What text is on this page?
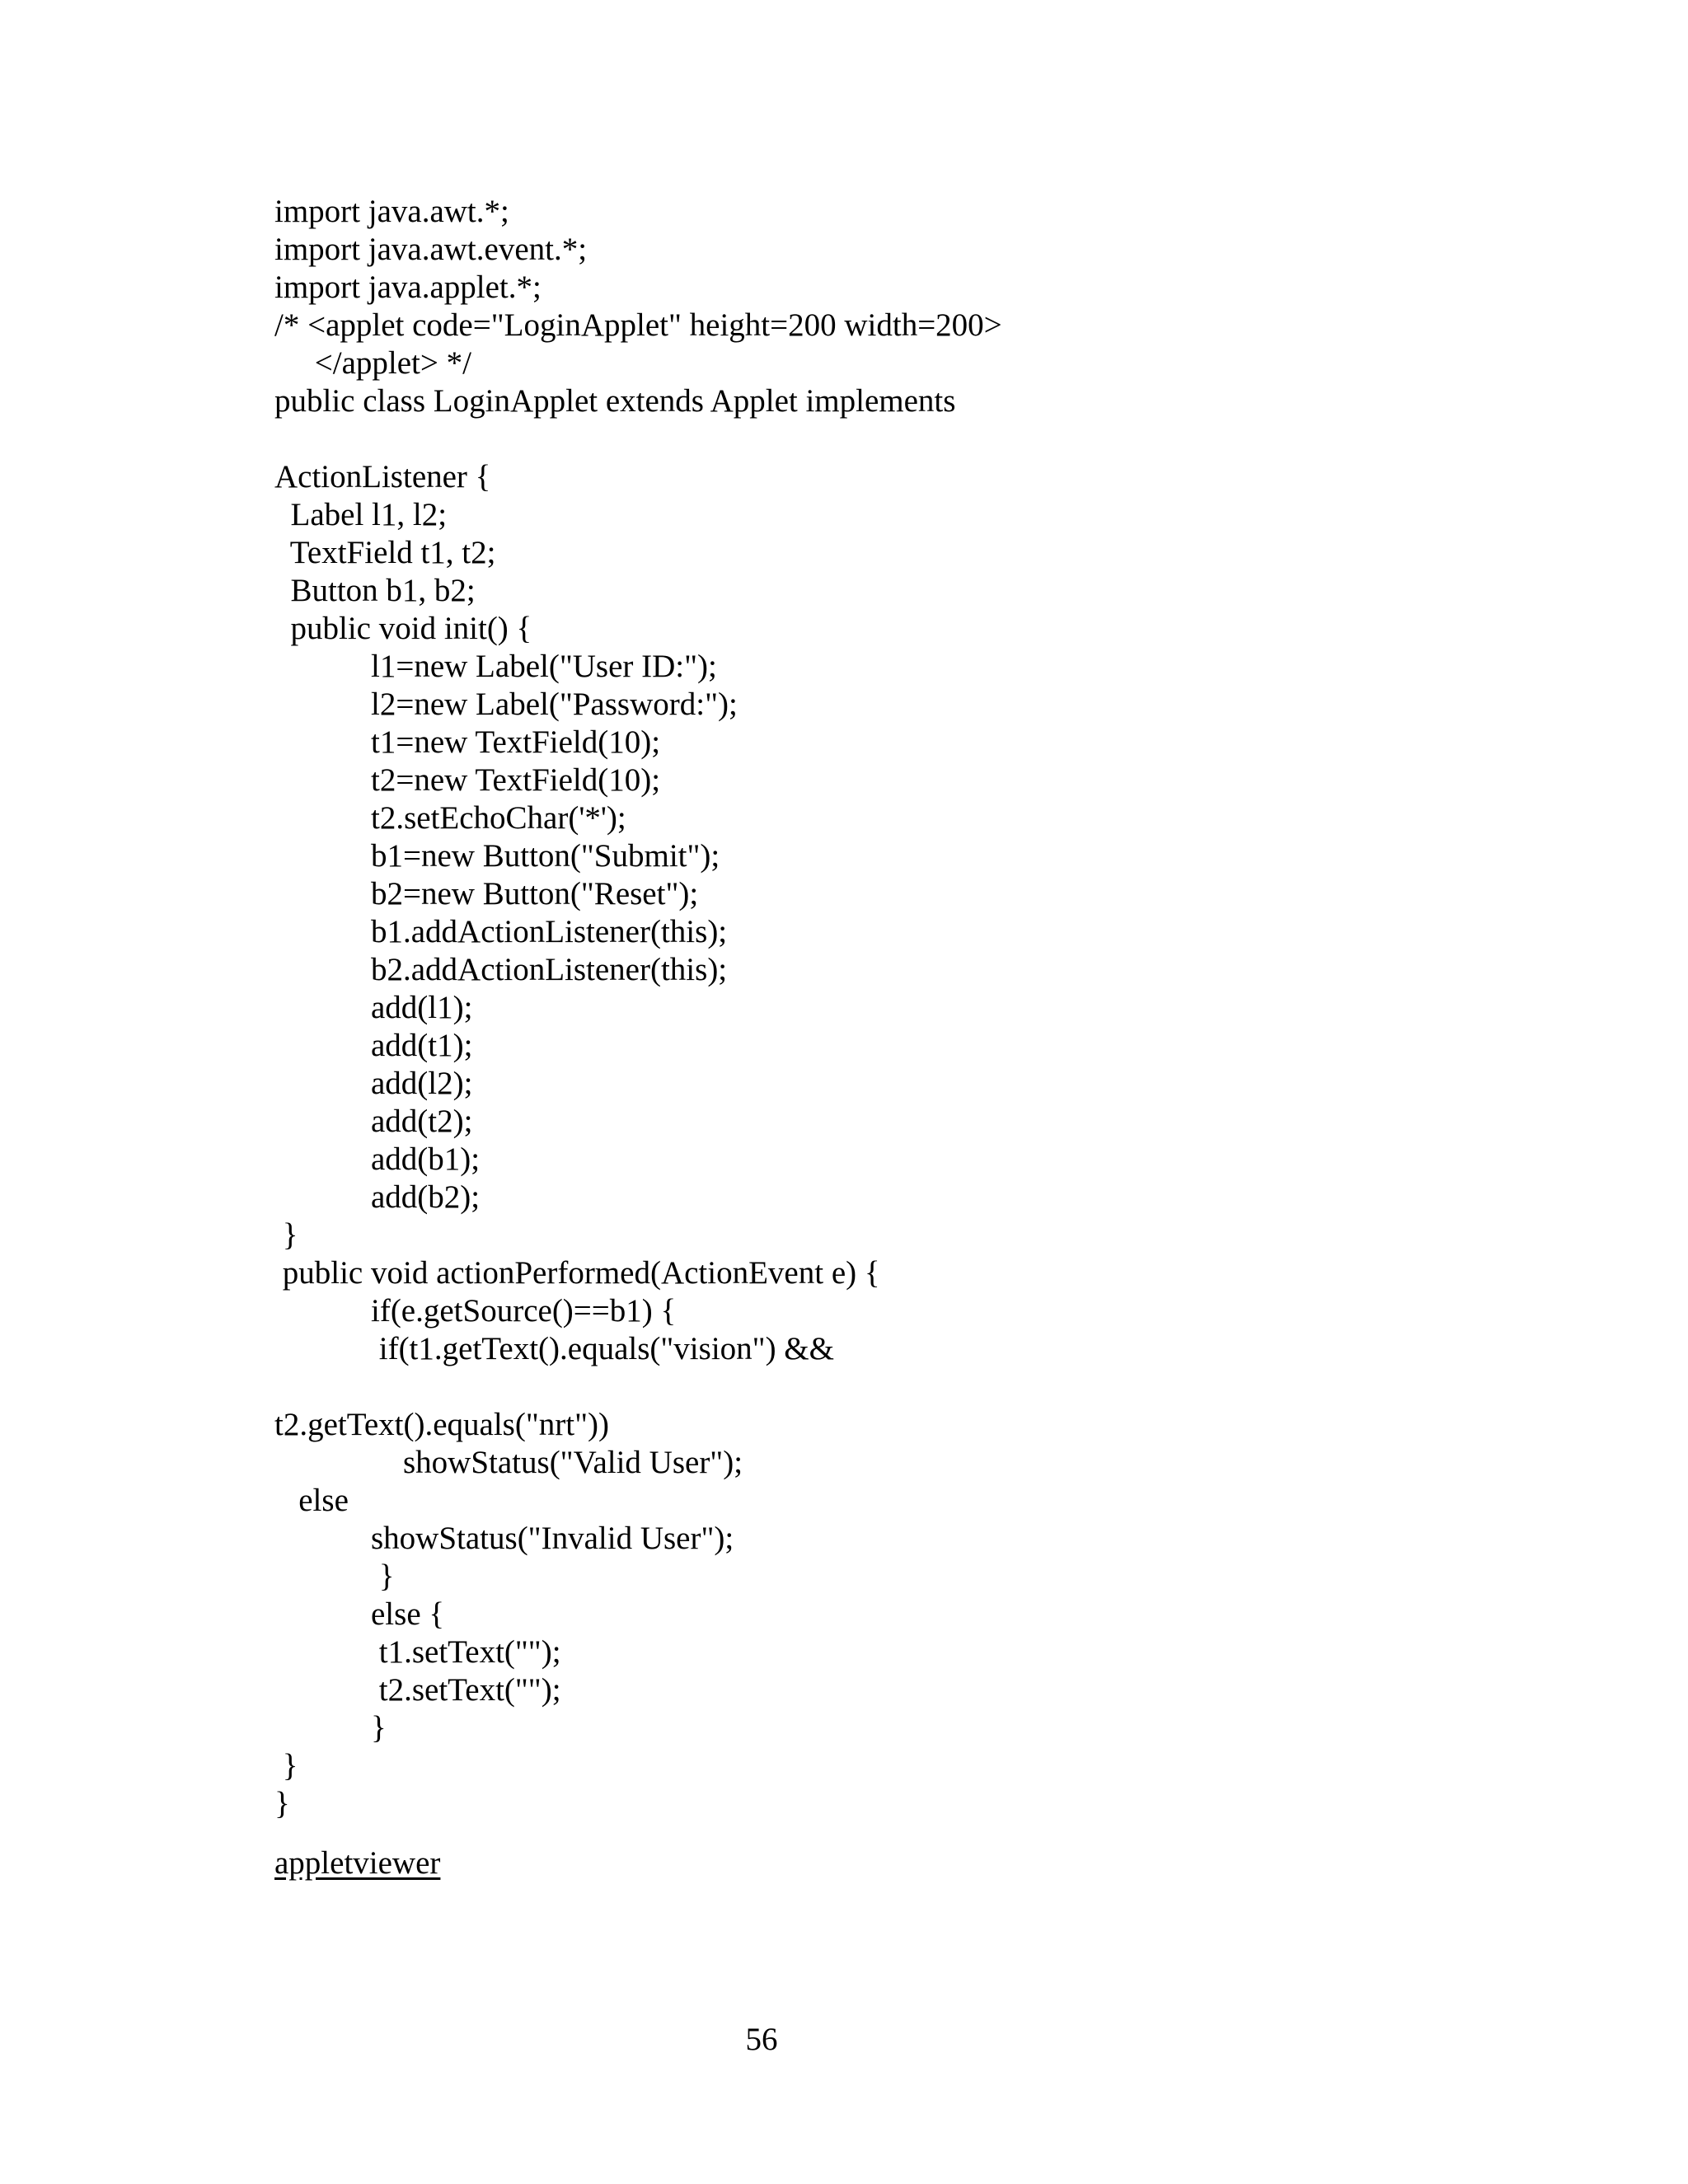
import java.awt.*;
import java.awt.event.*;
import java.applet.*;
/* <applet code="LoginApplet" height=200 width=200>
</applet> */
public class LoginApplet extends Applet implements
ActionListener {
Label l1, l2;
TextField t1, t2;
Button b1, b2;
public void init() {
l1=new Label("User ID:");
l2=new Label("Password:");
t1=new TextField(10);
t2=new TextField(10);
t2.setEchoChar('*');
b1=new Button("Submit");
b2=new Button("Reset");
b1.addActionListener(this);
b2.addActionListener(this);
add(l1);
add(t1);
add(l2);
add(t2);
add(b1);
add(b2);
}
public void actionPerformed(ActionEvent e) {
if(e.getSource()==b1) {
if(t1.getText().equals("vision") &&
t2.getText().equals("nrt"))
showStatus("Valid User");
else
showStatus("Invalid User");
}
else {
t1.setText("");
t2.setText("");
}
}
}
appletviewer
56
